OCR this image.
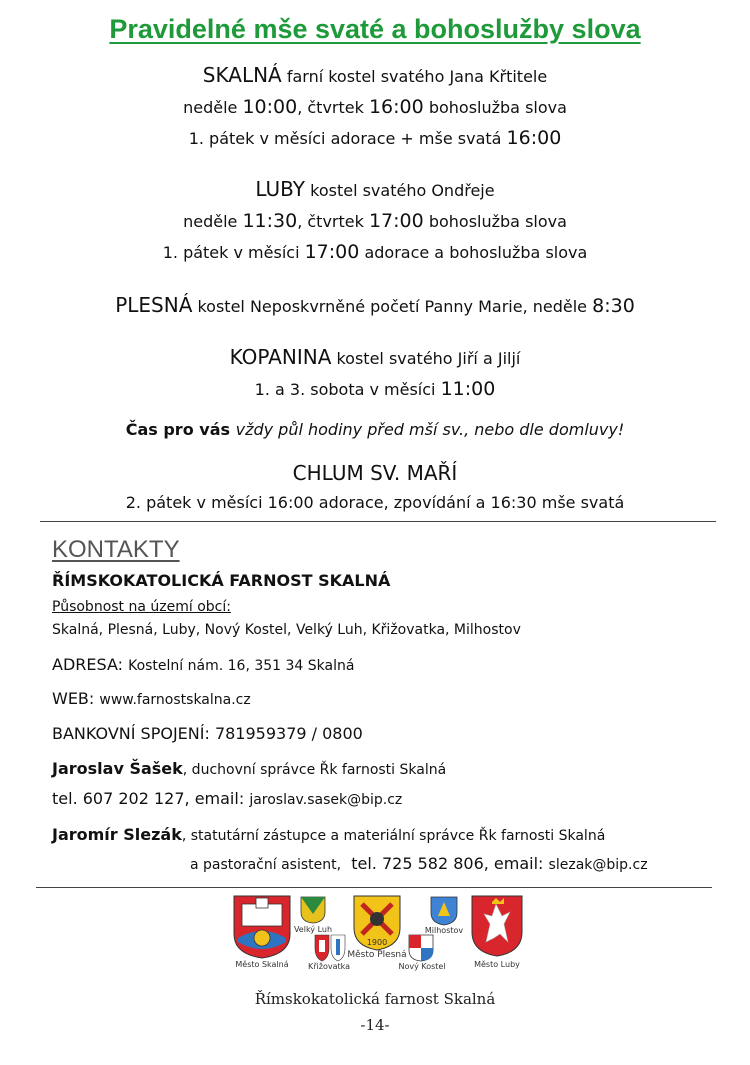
Pravidelné mše svaté a bohoslužby slova
SKALNÁ farní kostel svatého Jana Křtitele
neděle 10:00, čtvrtek 16:00 bohoslužba slova
1. pátek v měsíci adorace + mše svatá 16:00
LUBY kostel svatého Ondřeje
neděle 11:30, čtvrtek 17:00 bohoslužba slova
1. pátek v měsíci 17:00 adorace a bohoslužba slova
PLESNÁ kostel Neposkvrněné početí Panny Marie, neděle 8:30
KOPANINA kostel svatého Jiří a Jiljí
1. a 3. sobota v měsíci 11:00
Čas pro vás vždy půl hodiny před mší sv., nebo dle domluvy!
CHLUM SV. MAŘÍ
2. pátek v měsíci 16:00 adorace, zpovídání a 16:30 mše svatá
KONTAKTY
ŘÍMSKOKATOLICKÁ FARNOST SKALNÁ
Působnost na území obcí:
Skalná, Plesná, Luby, Nový Kostel, Velký Luh, Křižovatka, Milhostov
ADRESA: Kostelní nám. 16, 351 34 Skalná
WEB: www.farnostskalna.cz
BANKOVNÍ SPOJENÍ: 781959379 / 0800
Jaroslav Šašek, duchovní správce Řk farnosti Skalná
tel. 607 202 127, email: jaroslav.sasek@bip.cz
Jaromír Slezák, statutární zástupce a materiální správce Řk farnosti Skalná
a pastorační asistent, tel. 725 582 806, email: slezak@bip.cz
Město Skalná
Velký Luh
Křižovatka
1900
Město Plesná
Nový Kostel
Milhostov
Město Luby
Římskokatolická farnost Skalná
-14-
